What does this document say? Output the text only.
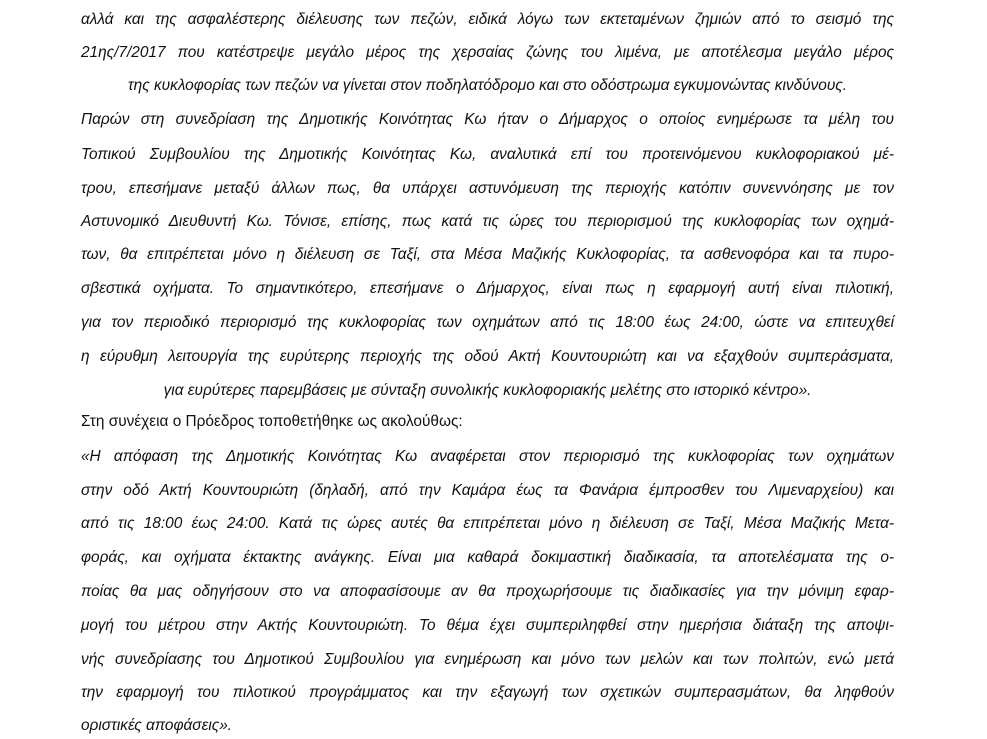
αλλά και της ασφαλέστερης διέλευσης των πεζών, ειδικά λόγω των εκτεταμένων ζημιών από το σεισμό της
21ης/7/2017 που κατέστρεψε μεγάλο μέρος της χερσαίας ζώνης του λιμένα, με αποτέλεσμα μεγάλο μέρος
της κυκλοφορίας των πεζών να γίνεται στον ποδηλατόδρομο και στο οδόστρωμα εγκυμονώντας κινδύνους.
Παρών στη συνεδρίαση της Δημοτικής Κοινότητας Κω ήταν ο Δήμαρχος ο οποίος ενημέρωσε τα μέλη του
Τοπικού Συμβουλίου της Δημοτικής Κοινότητας Κω, αναλυτικά επί του προτεινόμενου κυκλοφοριακού μέ-
τρου, επεσήμανε μεταξύ άλλων πως, θα υπάρχει αστυνόμευση της περιοχής κατόπιν συνεννόησης με τον
Αστυνομικό Διευθυντή Κω. Τόνισε, επίσης, πως κατά τις ώρες του περιορισμού της κυκλοφορίας των οχημά-
των, θα επιτρέπεται μόνο η διέλευση σε Ταξί, στα Μέσα Μαζικής Κυκλοφορίας, τα ασθενοφόρα και τα πυρο-
σβεστικά οχήματα. Το σημαντικότερο, επεσήμανε ο Δήμαρχος, είναι πως η εφαρμογή αυτή είναι πιλοτική,
για τον περιοδικό περιορισμό της κυκλοφορίας των οχημάτων από τις 18:00 έως 24:00, ώστε να επιτευχθεί
η εύρυθμη λειτουργία της ευρύτερης περιοχής της οδού Ακτή Κουντουριώτη και να εξαχθούν συμπεράσματα,
για ευρύτερες παρεμβάσεις με σύνταξη συνολικής κυκλοφοριακής μελέτης στο ιστορικό κέντρο».
Στη συνέχεια ο Πρόεδρος τοποθετήθηκε ως ακολούθως:
«Η απόφαση της Δημοτικής Κοινότητας Κω αναφέρεται στον περιορισμό της κυκλοφορίας των οχημάτων
στην οδό Ακτή Κουντουριώτη (δηλαδή, από την Καμάρα έως τα Φανάρια έμπροσθεν του Λιμεναρχείου) και
από τις 18:00 έως 24:00. Κατά τις ώρες αυτές θα επιτρέπεται μόνο η διέλευση σε Ταξί, Μέσα Μαζικής Μετα-
φοράς, και οχήματα έκτακτης ανάγκης. Είναι μια καθαρά δοκιμαστική διαδικασία, τα αποτελέσματα της ο-
ποίας θα μας οδηγήσουν στο να αποφασίσουμε αν θα προχωρήσουμε τις διαδικασίες για την μόνιμη εφαρ-
μογή του μέτρου στην Ακτής Κουντουριώτη. Το θέμα έχει συμπεριληφθεί στην ημερήσια διάταξη της αποψι-
νής συνεδρίασης του Δημοτικού Συμβουλίου για ενημέρωση και μόνο των μελών και των πολιτών, ενώ μετά
την εφαρμογή του πιλοτικού προγράμματος και την εξαγωγή των σχετικών συμπερασμάτων, θα ληφθούν
οριστικές αποφάσεις».
